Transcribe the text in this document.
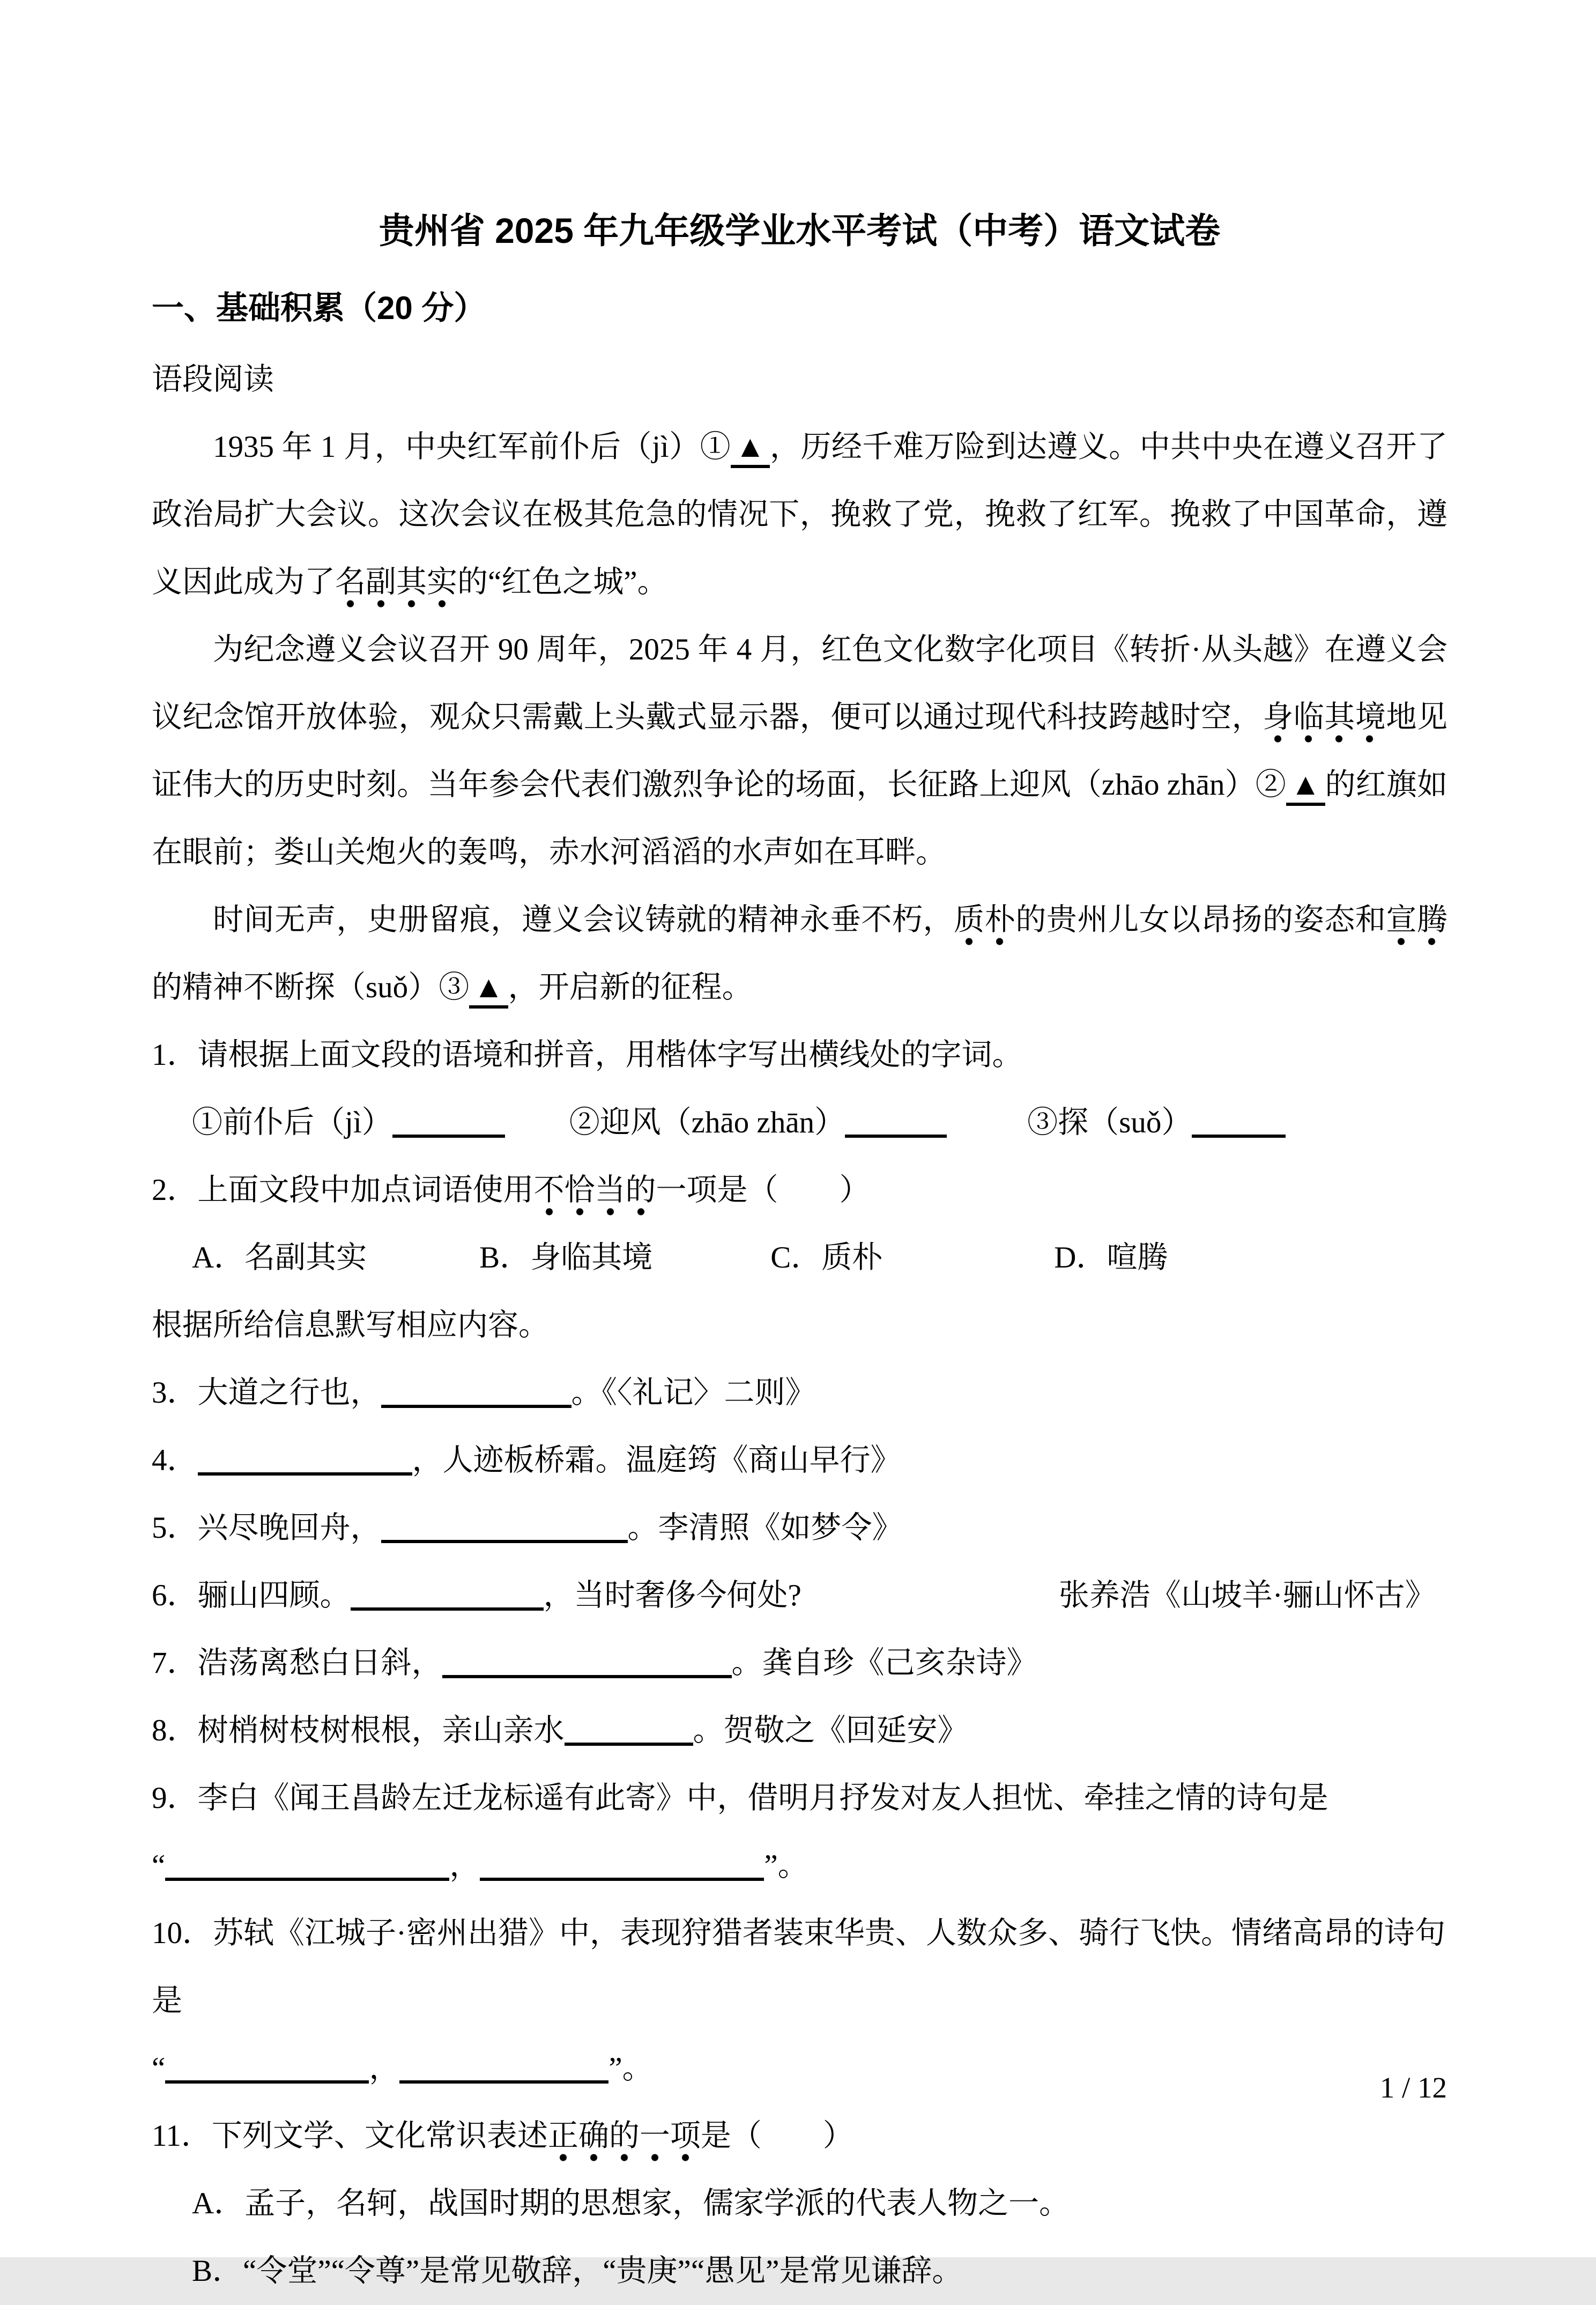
贵州省 2025 年九年级学业水平考试（中考）语文试卷
一、基础积累（20 分）
语段阅读
1935 年 1 月，中央红军前仆后（jì）① ▲ ，历经千难万险到达遵义。中共中央在遵义召开了政治局扩大会议。这次会议在极其危急的情况下，挽救了党，挽救了红军。挽救了中国革命，遵义因此成为了名副其实的“红色之城”。
为纪念遵义会议召开 90 周年，2025 年 4 月，红色文化数字化项目《转折·从头越》在遵义会议纪念馆开放体验，观众只需戴上头戴式显示器，便可以通过现代科技跨越时空，身临其境地见证伟大的历史时刻。当年参会代表们激烈争论的场面，长征路上迎风（zhāo zhān）② ▲ 的红旗如在眼前；娄山关炮火的轰鸣，赤水河滔滔的水声如在耳畔。
时间无声，史册留痕，遵义会议铸就的精神永垂不朽，质朴的贵州儿女以昂扬的姿态和宣腾的精神不断探（suǒ）③ ▲ ，开启新的征程。
1．请根据上面文段的语境和拼音，用楷体字写出横线处的字词。
①前仆后（jì）	②迎风（zhāo zhān）	③探（suǒ）
2．上面文段中加点词语使用不恰当的一项是（　　）
A．名副其实	B．身临其境	C．质朴	D．喧腾
根据所给信息默写相应内容。
3．大道之行也，	。《〈礼记〉二则》
4．	，人迹板桥霜。温庭筠《商山早行》
5．兴尽晚回舟，	。李清照《如梦令》
6．骊山四顾。	，当时奢侈今何处?	张养浩《山坡羊·骊山怀古》
7．浩荡离愁白日斜，	。龚自珍《己亥杂诗》
8．树梢树枝树根根，亲山亲水	。贺敬之《回延安》
9．李白《闻王昌龄左迁龙标遥有此寄》中，借明月抒发对友人担忧、牵挂之情的诗句是
“	，	”。
10．苏轼《江城子·密州出猎》中，表现狩猎者装束华贵、人数众多、骑行飞快。情绪高昂的诗句是
“	，	”。
11．下列文学、文化常识表述正确的一项是（　　）
A．孟子，名轲，战国时期的思想家，儒家学派的代表人物之一。
B．“令堂”“令尊”是常见敬辞，“贵庚”“愚见”是常见谦辞。
1 / 12
